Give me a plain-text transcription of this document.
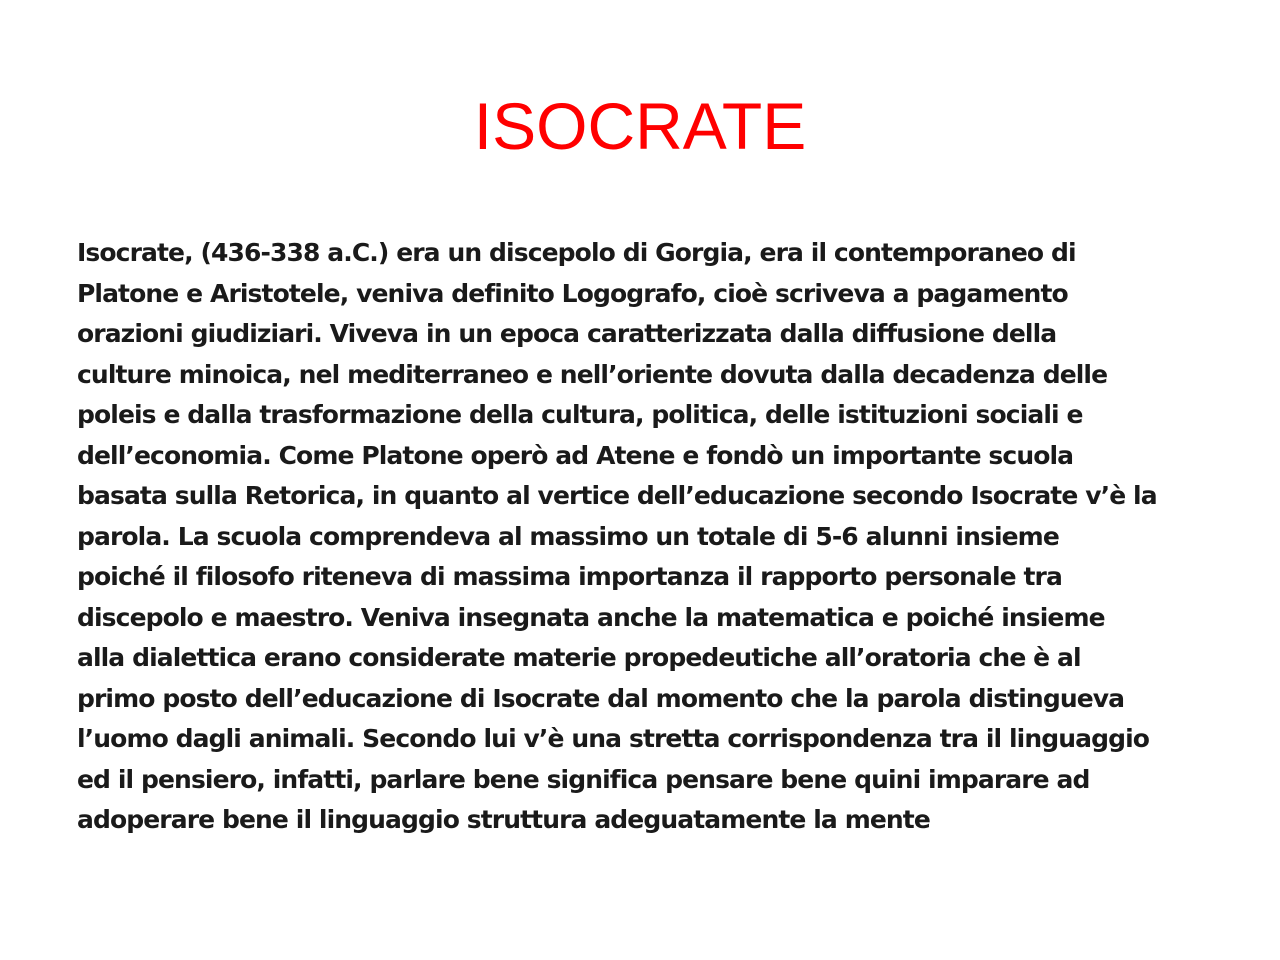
ISOCRATE
Isocrate, (436-338 a.C.) era un discepolo di Gorgia, era il contemporaneo di
Platone e Aristotele, veniva definito Logografo, cioè scriveva a pagamento
orazioni giudiziari. Viveva in un epoca caratterizzata dalla diffusione della
culture minoica, nel mediterraneo e nell’oriente dovuta dalla decadenza delle
poleis e dalla trasformazione della cultura, politica, delle istituzioni sociali e
dell’economia. Come Platone operò ad Atene e fondò un importante scuola
basata sulla Retorica, in quanto al vertice dell’educazione secondo Isocrate v’è la
parola. La scuola comprendeva al massimo un totale di 5-6 alunni insieme
poiché il filosofo riteneva di massima importanza il rapporto personale tra
discepolo e maestro. Veniva insegnata anche la matematica e poiché insieme
alla dialettica erano considerate materie propedeutiche all’oratoria che è al
primo posto dell’educazione di Isocrate dal momento che la parola distingueva
l’uomo dagli animali. Secondo lui v’è una stretta corrispondenza tra il linguaggio
ed il pensiero, infatti, parlare bene significa pensare bene quini imparare ad
adoperare bene il linguaggio struttura adeguatamente la mente
